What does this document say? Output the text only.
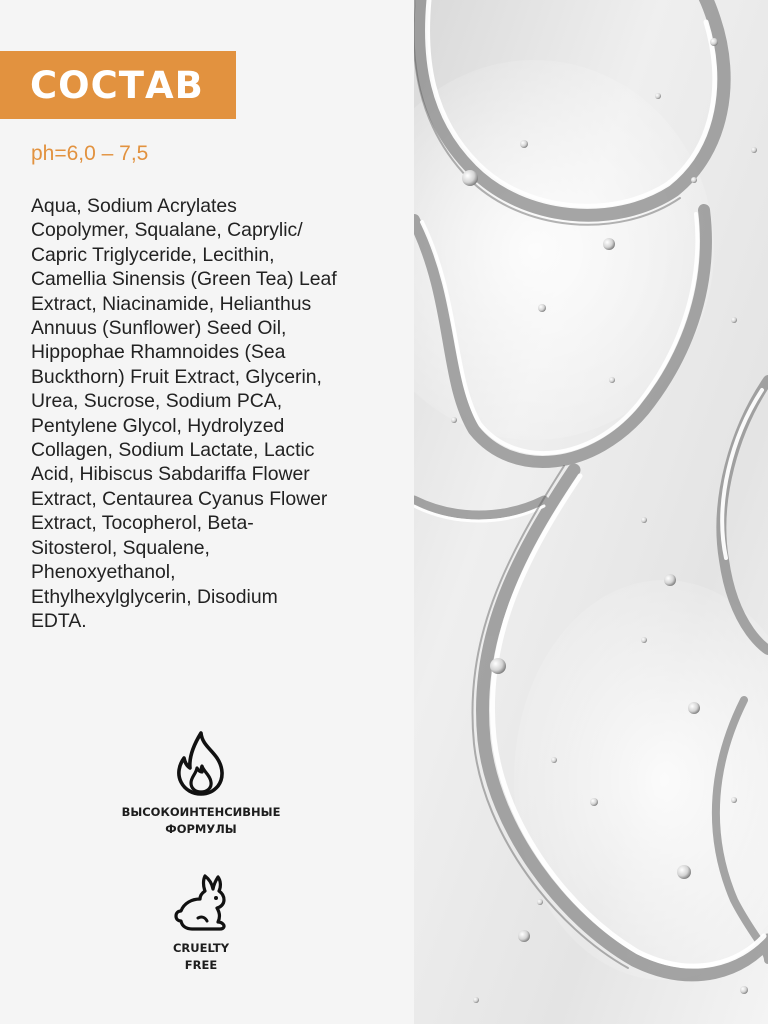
СОСТАВ
ph=6,0 – 7,5

Aqua, Sodium Acrylates
Copolymer, Squalane, Caprylic/
Capric Triglyceride, Lecithin,
Camellia Sinensis (Green Tea) Leaf
Extract, Niacinamide, Helianthus
Annuus (Sunflower) Seed Oil,
Hippophae Rhamnoides (Sea
Buckthorn) Fruit Extract, Glycerin,
Urea, Sucrose, Sodium PCA,
Pentylene Glycol, Hydrolyzed
Collagen, Sodium Lactate, Lactic
Acid, Hibiscus Sabdariffa Flower
Extract, Centaurea Cyanus Flower
Extract, Tocopherol, Beta-
Sitosterol, Squalene,
Phenoxyethanol,
Ethylhexylglycerin, Disodium
EDTA.

ВЫСОКОИНТЕНСИВНЫЕ
ФОРМУЛЫ
CRUELTY
FREE
